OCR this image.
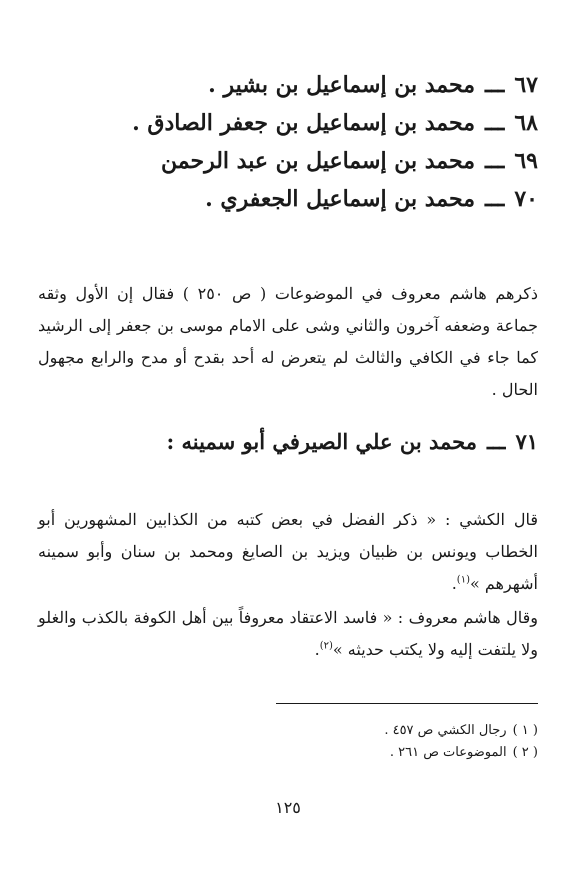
٦٧ـــمحمد بن إسماعيل بن بشير .
٦٨ـــمحمد بن إسماعيل بن جعفر الصادق .
٦٩ـــمحمد بن إسماعيل بن عبد الرحمن
٧٠ـــمحمد بن إسماعيل الجعفري .

ذكرهم هاشم معروف في الموضوعات ( ص ٢٥٠ ) فقال إن الأول وثقه جماعة وضعفه آخرون والثاني وشى على الامام موسى بن جعفر إلى الرشيد كما جاء في الكافي والثالث لم يتعرض له أحد بقدح أو مدح والرابع مجهول الحال .

٧١ـــمحمد بن علي الصيرفي أبو سمينه :

قال الكشي : « ذكر الفضل في بعض كتبه من الكذابين المشهورين أبو الخطاب ويونس بن ظبيان ويزيد بن الصايغ ومحمد بن سنان وأبو سمينه أشهرهم »$^{(١)}$.

وقال هاشم معروف : « فاسد الاعتقاد معروفاً بين أهل الكوفة بالكذب والغلو ولا يلتفت إليه ولا يكتب حديثه »$^{(٢)}$.

( ١ )رجال الكشي ص ٤٥٧ .
( ٢ )الموضوعات ص ٢٦١ .
١٢٥
